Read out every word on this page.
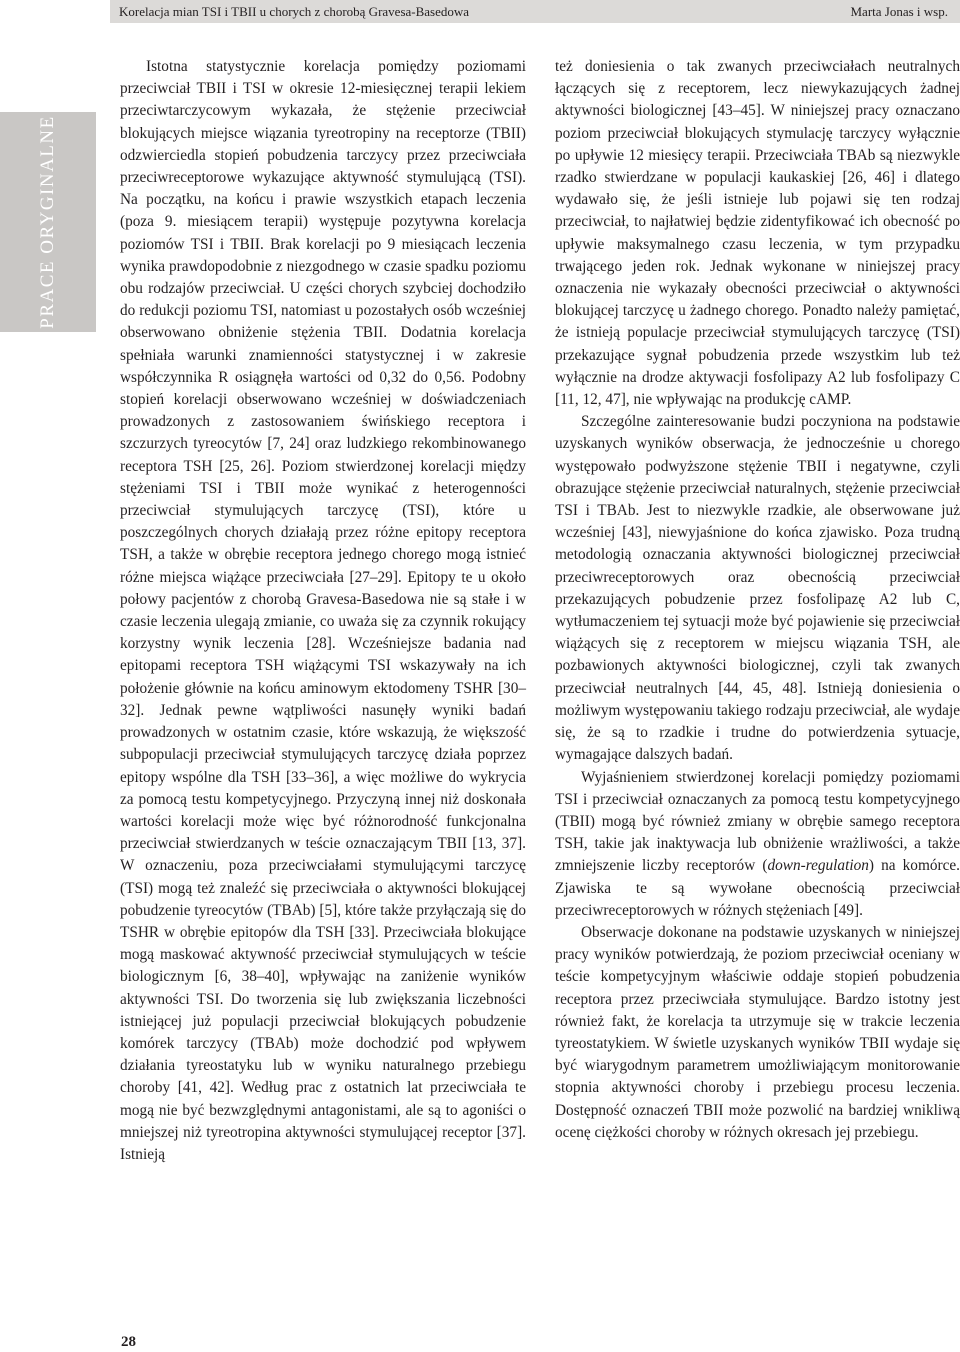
Korelacja mian TSI i TBII u chorych z chorobą Gravesa-Basedowa	Marta Jonas i wsp.
PRACE ORYGINALNE

Istotna statystycznie korelacja pomiędzy poziomami przeciwciał TBII i TSI w okresie 12-miesięcznej terapii lekiem przeciwtarczycowym wykazała, że stężenie przeciwciał blokujących miejsce wiązania tyreotropiny na receptorze (TBII) odzwierciedla stopień pobudzenia tarczycy przez przeciwciała przeciwreceptorowe wykazujące aktywność stymulującą (TSI). Na początku, na końcu i prawie wszystkich etapach leczenia (poza 9. miesiącem terapii) występuje pozytywna korelacja poziomów TSI i TBII. Brak korelacji po 9 miesiącach leczenia wynika prawdopodobnie z niezgodnego w czasie spadku poziomu obu rodzajów przeciwciał. U części chorych szybciej dochodziło do redukcji poziomu TSI, natomiast u pozostałych osób wcześniej obserwowano obniżenie stężenia TBII. Dodatnia korelacja spełniała warunki znamienności statystycznej i w zakresie współczynnika R osiągnęła wartości od 0,32 do 0,56. Podobny stopień korelacji obserwowano wcześniej w doświadczeniach prowadzonych z zastosowaniem świńskiego receptora i szczurzych tyreocytów [7, 24] oraz ludzkiego rekombinowanego receptora TSH [25, 26]. Poziom stwierdzonej korelacji między stężeniami TSI i TBII może wynikać z heterogenności przeciwciał stymulujących tarczycę (TSI), które u poszczególnych chorych działają przez różne epitopy receptora TSH, a także w obrębie receptora jednego chorego mogą istnieć różne miejsca wiążące przeciwciała [27–29]. Epitopy te u około połowy pacjentów z chorobą Gravesa-Basedowa nie są stałe i w czasie leczenia ulegają zmianie, co uważa się za czynnik rokujący korzystny wynik leczenia [28]. Wcześniejsze badania nad epitopami receptora TSH wiążącymi TSI wskazywały na ich położenie głównie na końcu aminowym ektodomeny TSHR [30–32]. Jednak pewne wątpliwości nasunęły wyniki badań prowadzonych w ostatnim czasie, które wskazują, że większość subpopulacji przeciwciał stymulujących tarczycę działa poprzez epitopy wspólne dla TSH [33–36], a więc możliwe do wykrycia za pomocą testu kompetycyjnego. Przyczyną innej niż doskonała wartości korelacji może więc być różnorodność funkcjonalna przeciwciał stwierdzanych w teście oznaczającym TBII [13, 37]. W oznaczeniu, poza przeciwciałami stymulującymi tarczycę (TSI) mogą też znaleźć się przeciwciała o aktywności blokującej pobudzenie tyreocytów (TBAb) [5], które także przyłączają się do TSHR w obrębie epitopów dla TSH [33]. Przeciwciała blokujące mogą maskować aktywność przeciwciał stymulujących w teście biologicznym [6, 38–40], wpływając na zaniżenie wyników aktywności TSI. Do tworzenia się lub zwiększania liczebności istniejącej już populacji przeciwciał blokujących pobudzenie komórek tarczycy (TBAb) może dochodzić pod wpływem działania tyreostatyku lub w wyniku naturalnego przebiegu choroby [41, 42]. Według prac z ostatnich lat przeciwciała te mogą nie być bezwzględnymi antagonistami, ale są to agoniści o mniejszej niż tyreotropina aktywności stymulującej receptor [37]. Istnieją

też doniesienia o tak zwanych przeciwciałach neutralnych łączących się z receptorem, lecz niewykazujących żadnej aktywności biologicznej [43–45]. W niniejszej pracy oznaczano poziom przeciwciał blokujących stymulację tarczycy wyłącznie po upływie 12 miesięcy terapii. Przeciwciała TBAb są niezwykle rzadko stwierdzane w populacji kaukaskiej [26, 46] i dlatego wydawało się, że jeśli istnieje lub pojawi się ten rodzaj przeciwciał, to najłatwiej będzie zidentyfikować ich obecność po upływie maksymalnego czasu leczenia, w tym przypadku trwającego jeden rok. Jednak wykonane w niniejszej pracy oznaczenia nie wykazały obecności przeciwciał o aktywności blokującej tarczycę u żadnego chorego. Ponadto należy pamiętać, że istnieją populacje przeciwciał stymulujących tarczycę (TSI) przekazujące sygnał pobudzenia przede wszystkim lub też wyłącznie na drodze aktywacji fosfolipazy A2 lub fosfolipazy C [11, 12, 47], nie wpływając na produkcję cAMP.

Szczególne zainteresowanie budzi poczyniona na podstawie uzyskanych wyników obserwacja, że jednocześnie u chorego występowało podwyższone stężenie TBII i negatywne, czyli obrazujące stężenie przeciwciał naturalnych, stężenie przeciwciał TSI i TBAb. Jest to niezwykle rzadkie, ale obserwowane już wcześniej [43], niewyjaśnione do końca zjawisko. Poza trudną metodologią oznaczania aktywności biologicznej przeciwciał przeciwreceptorowych oraz obecnością przeciwciał przekazujących pobudzenie przez fosfolipazę A2 lub C, wytłumaczeniem tej sytuacji może być pojawienie się przeciwciał wiążących się z receptorem w miejscu wiązania TSH, ale pozbawionych aktywności biologicznej, czyli tak zwanych przeciwciał neutralnych [44, 45, 48]. Istnieją doniesienia o możliwym występowaniu takiego rodzaju przeciwciał, ale wydaje się, że są to rzadkie i trudne do potwierdzenia sytuacje, wymagające dalszych badań.

Wyjaśnieniem stwierdzonej korelacji pomiędzy poziomami TSI i przeciwciał oznaczanych za pomocą testu kompetycyjnego (TBII) mogą być również zmiany w obrębie samego receptora TSH, takie jak inaktywacja lub obniżenie wrażliwości, a także zmniejszenie liczby receptorów (down-regulation) na komórce. Zjawiska te są wywołane obecnością przeciwciał przeciwreceptorowych w różnych stężeniach [49].

Obserwacje dokonane na podstawie uzyskanych w niniejszej pracy wyników potwierdzają, że poziom przeciwciał oceniany w teście kompetycyjnym właściwie oddaje stopień pobudzenia receptora przez przeciwciała stymulujące. Bardzo istotny jest również fakt, że korelacja ta utrzymuje się w trakcie leczenia tyreostatykiem. W świetle uzyskanych wyników TBII wydaje się być wiarygodnym parametrem umożliwiającym monitorowanie stopnia aktywności choroby i przebiegu procesu leczenia. Dostępność oznaczeń TBII może pozwolić na bardziej wnikliwą ocenę ciężkości choroby w różnych okresach jej przebiegu.

28
